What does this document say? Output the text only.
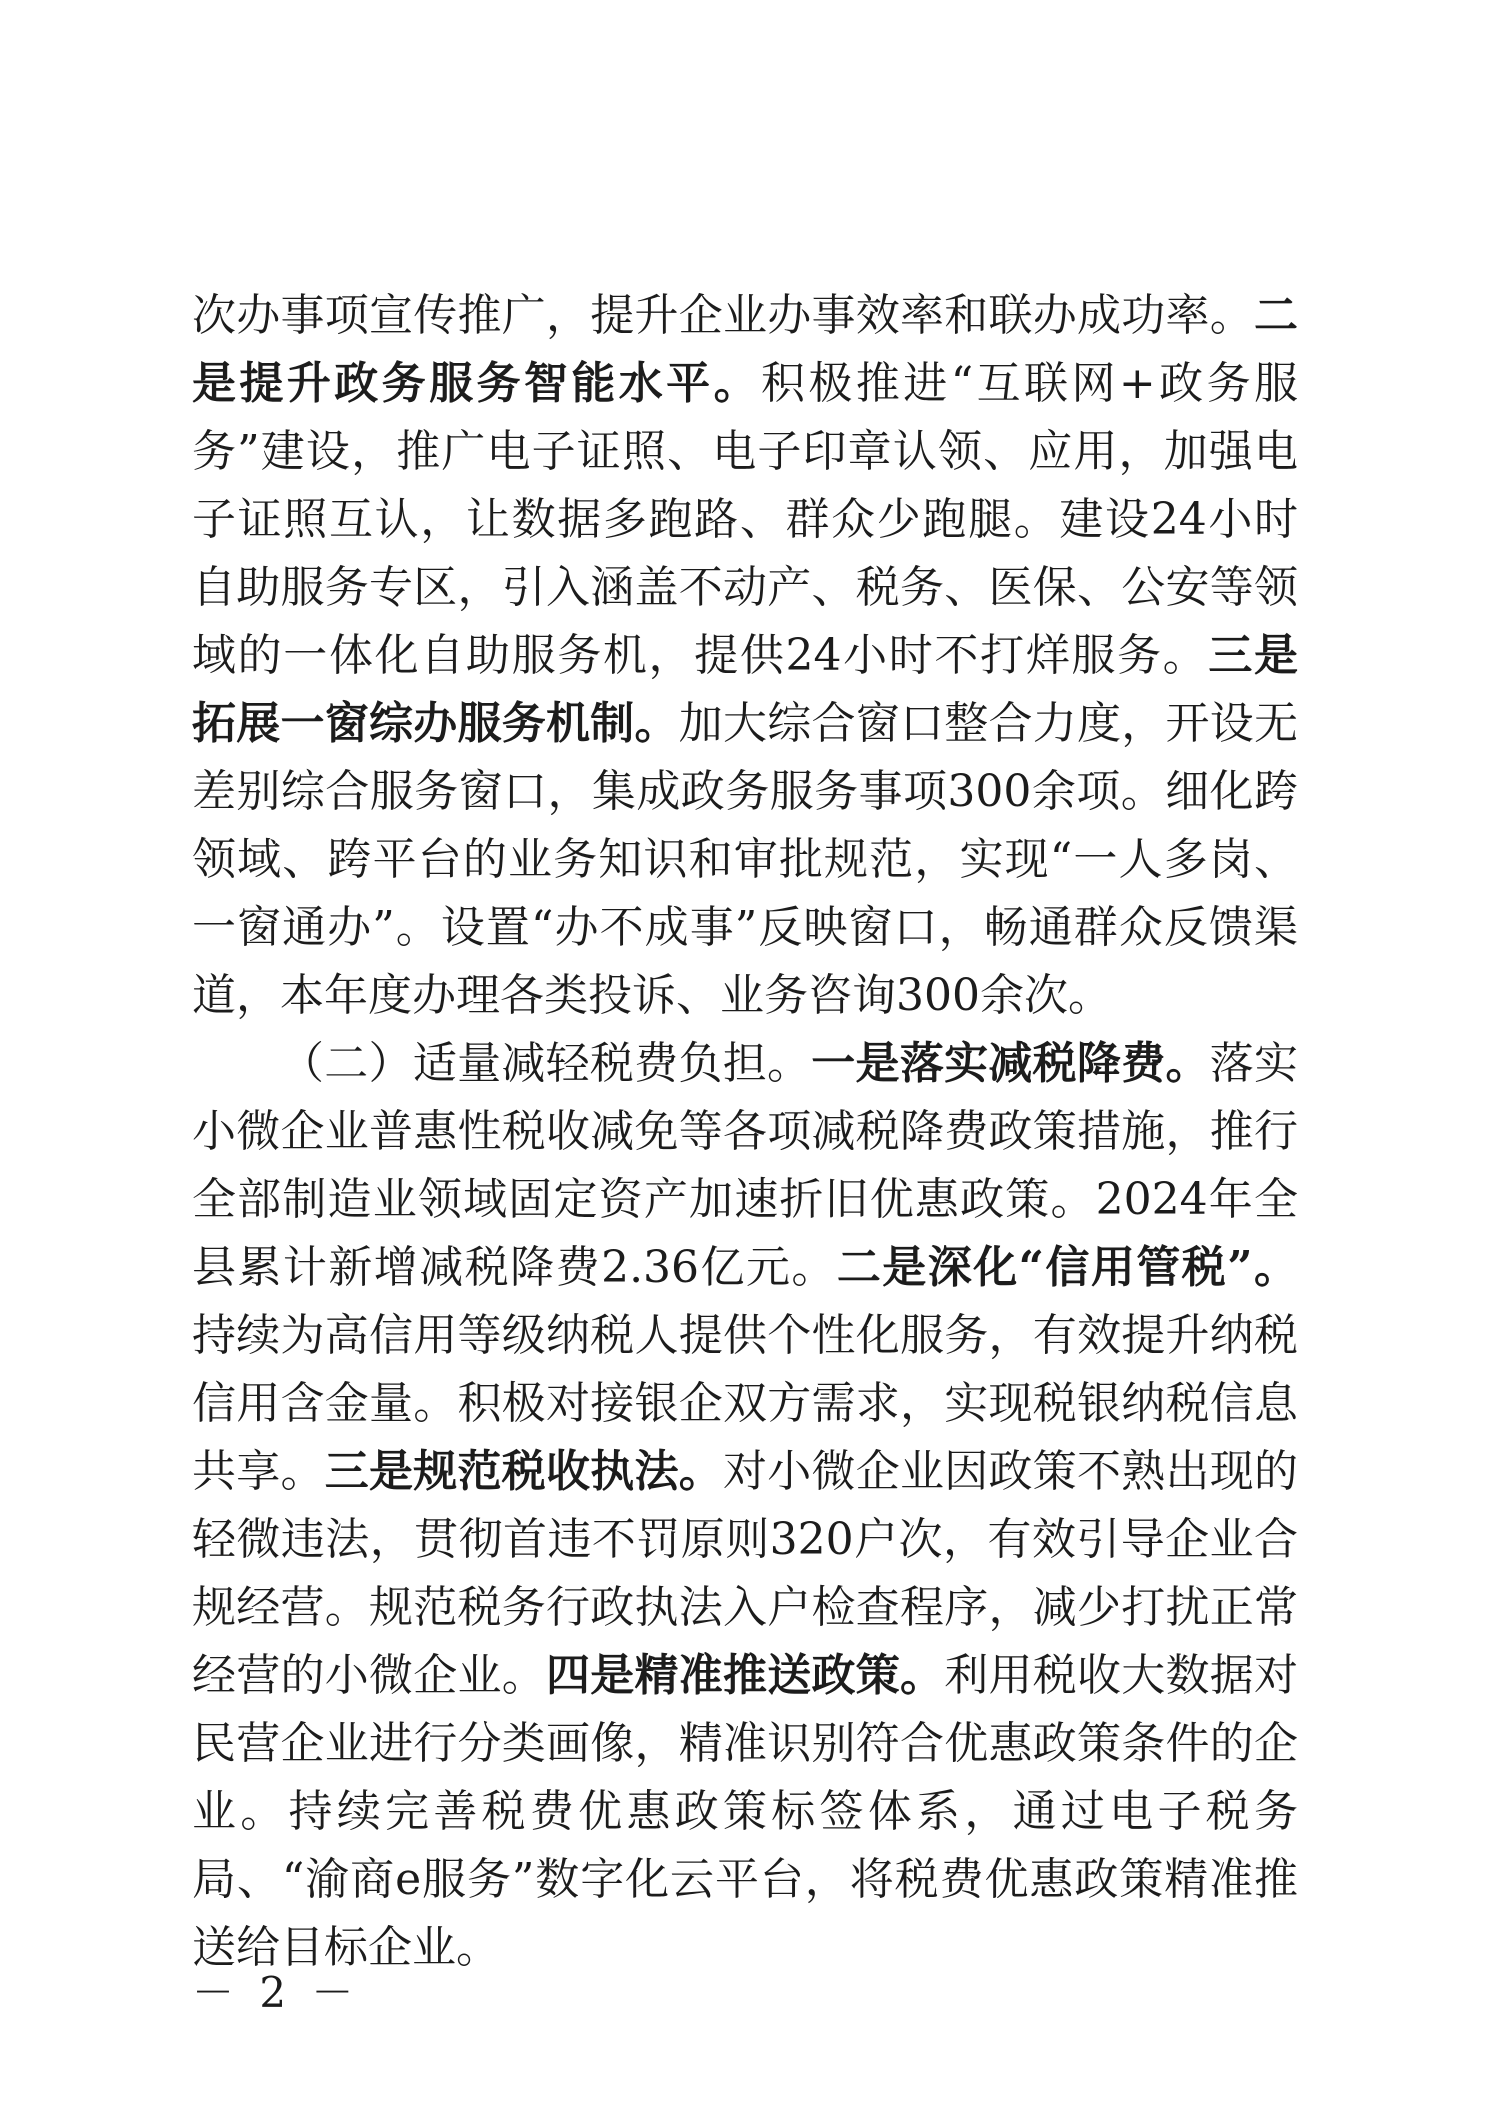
次办事项宣传推广，提升企业办事效率和联办成功率。二是提升政务服务智能水平。积极推进“互联网+政务服务”建设，推广电子证照、电子印章认领、应用，加强电子证照互认，让数据多跑路、群众少跑腿。建设24小时自助服务专区，引入涵盖不动产、税务、医保、公安等领域的一体化自助服务机，提供24小时不打烊服务。三是拓展一窗综办服务机制。加大综合窗口整合力度，开设无差别综合服务窗口，集成政务服务事项300余项。细化跨领域、跨平台的业务知识和审批规范，实现“一人多岗、一窗通办”。设置“办不成事”反映窗口，畅通群众反馈渠道，本年度办理各类投诉、业务咨询300余次。

（二）适量减轻税费负担。一是落实减税降费。落实小微企业普惠性税收减免等各项减税降费政策措施，推行全部制造业领域固定资产加速折旧优惠政策。2024年全县累计新增减税降费2.36亿元。二是深化“信用管税”。持续为高信用等级纳税人提供个性化服务，有效提升纳税信用含金量。积极对接银企双方需求，实现税银纳税信息共享。三是规范税收执法。对小微企业因政策不熟出现的轻微违法，贯彻首违不罚原则320户次，有效引导企业合规经营。规范税务行政执法入户检查程序，减少打扰正常经营的小微企业。四是精准推送政策。利用税收大数据对民营企业进行分类画像，精准识别符合优惠政策条件的企业。持续完善税费优惠政策标签体系，通过电子税务局、“渝商e服务”数字化云平台，将税费优惠政策精准推送给目标企业。

－ 2 －
